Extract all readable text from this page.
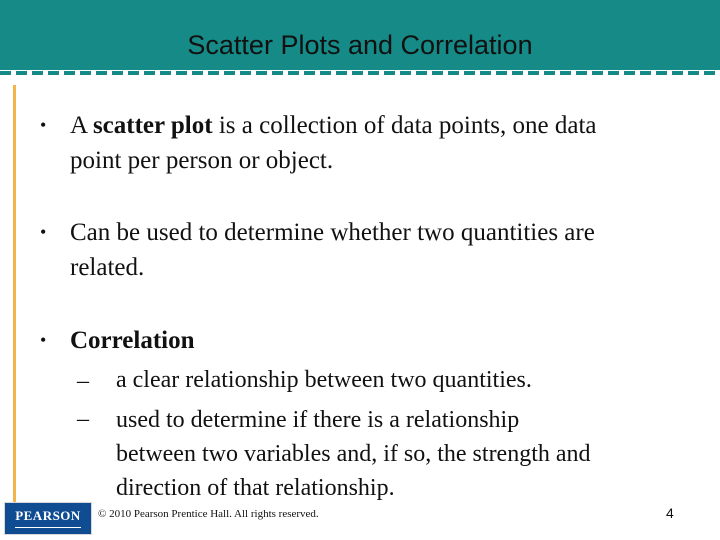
Scatter Plots and Correlation
• A scatter plot is a collection of data points, one data
point per person or object.
• Can be used to determine whether two quantities are
related.
• Correlation
– a clear relationship between two quantities.
– used to determine if there is a relationship
between two variables and, if so, the strength and
direction of that relationship.
PEARSON	© 2010 Pearson Prentice Hall. All rights reserved.	4
